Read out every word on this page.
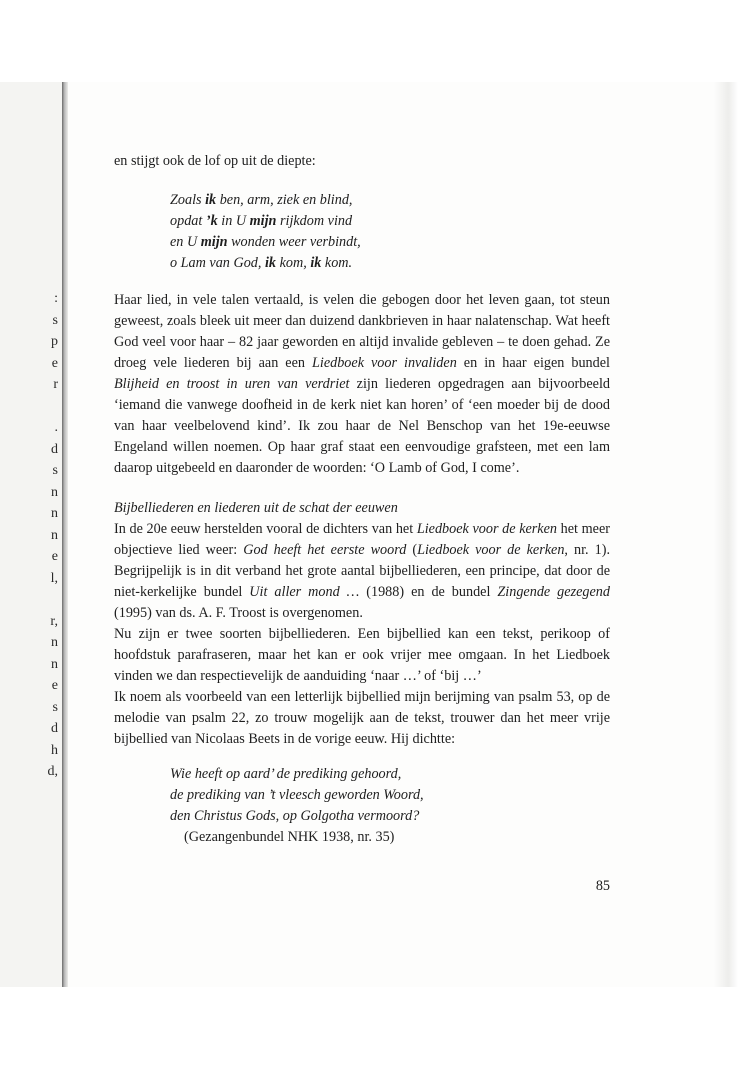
:
s
p
e
r
.
d
s
n
n
n
e
l,
r,
n
n
e
s
d
h
d,

en stijgt ook de lof op uit de diepte:

Zoals ik ben, arm, ziek en blind,
opdat ’k in U mijn rijkdom vind
en U mijn wonden weer verbindt,
o Lam van God, ik kom, ik kom.

Haar lied, in vele talen vertaald, is velen die gebogen door het leven gaan, tot steun geweest, zoals bleek uit meer dan duizend dankbrieven in haar nalatenschap. Wat heeft God veel voor haar – 82 jaar geworden en altijd invalide gebleven – te doen gehad. Ze droeg vele liederen bij aan een Liedboek voor invaliden en in haar eigen bundel Blijheid en troost in uren van verdriet zijn liederen opgedragen aan bijvoorbeeld ‘iemand die vanwege doofheid in de kerk niet kan horen’ of ‘een moeder bij de dood van haar veelbelovend kind’. Ik zou haar de Nel Benschop van het 19e-eeuwse Engeland willen noemen. Op haar graf staat een eenvoudige grafsteen, met een lam daarop uitgebeeld en daaronder de woorden: ‘O Lamb of God, I come’.

Bijbelliederen en liederen uit de schat der eeuwen

In de 20e eeuw herstelden vooral de dichters van het Liedboek voor de kerken het meer objectieve lied weer: God heeft het eerste woord (Liedboek voor de kerken, nr. 1). Begrijpelijk is in dit verband het grote aantal bijbelliederen, een principe, dat door de niet-kerkelijke bundel Uit aller mond … (1988) en de bundel Zingende gezegend (1995) van ds. A. F. Troost is overgenomen.

Nu zijn er twee soorten bijbelliederen. Een bijbellied kan een tekst, perikoop of hoofdstuk parafraseren, maar het kan er ook vrijer mee omgaan. In het Liedboek vinden we dan respectievelijk de aanduiding ‘naar …’ of ‘bij …’

Ik noem als voorbeeld van een letterlijk bijbellied mijn berijming van psalm 53, op de melodie van psalm 22, zo trouw mogelijk aan de tekst, trouwer dan het meer vrije bijbellied van Nicolaas Beets in de vorige eeuw. Hij dichtte:

Wie heeft op aard’ de prediking gehoord,
de prediking van ’t vleesch geworden Woord,
den Christus Gods, op Golgotha vermoord?
(Gezangenbundel NHK 1938, nr. 35)
85
